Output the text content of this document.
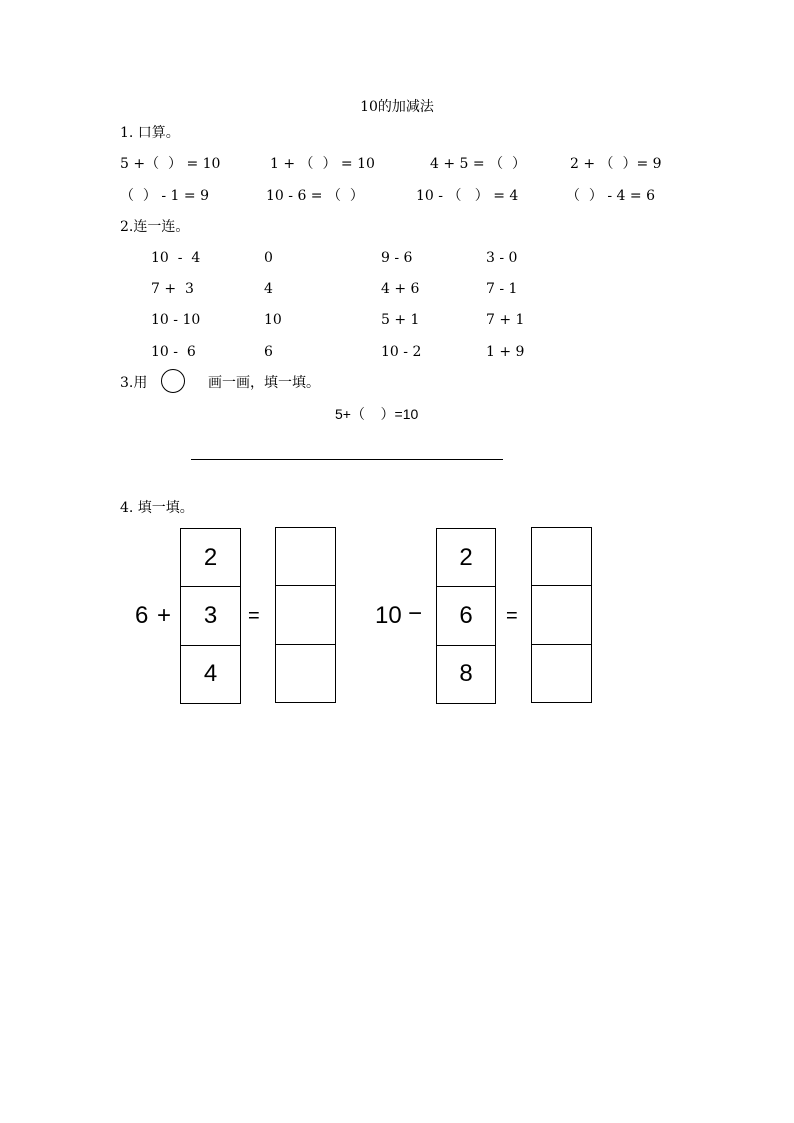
10的加减法
1. 口算。
5 +（  ） = 10	1 + （  ） = 10	4 + 5 = （  ）	2 + （  ）= 9
（  ） - 1 = 9	10 - 6 = （  ）	10 - （   ） = 4	（  ） - 4 = 6
2.连一连。
10  -  4	0	9 - 6	3 - 0
7 +  3	4	4 + 6	7 - 1
10 - 10	10	5 + 1	7 + 1
10 -  6	6	10 - 2	1 + 9
3.用	画一画，填一填。
5+（    ）=10
4. 填一填。
6 +
2
3
4
=	10 −
2
6
8
=
